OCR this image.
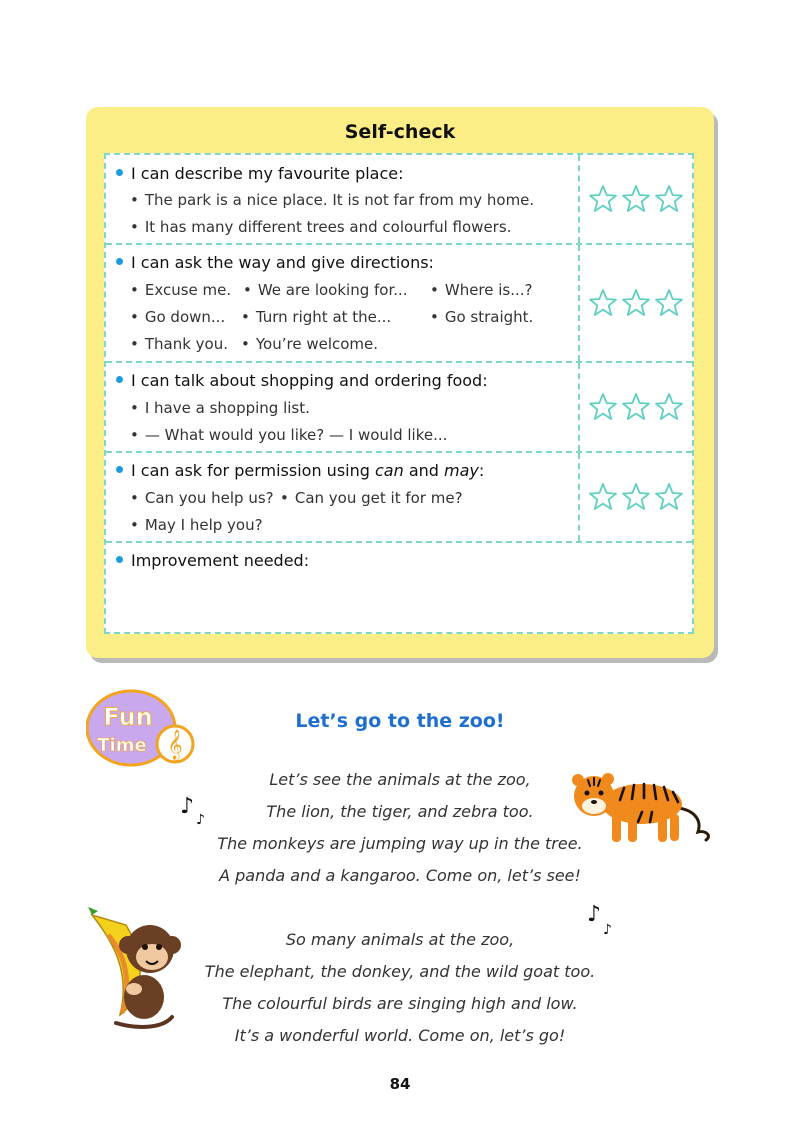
Self-check
I can describe my favourite place:
• The park is a nice place. It is not far from my home.
• It has many different trees and colourful flowers.
I can ask the way and give directions:
• Excuse me.	• We are looking for...	• Where is...?
• Go down...	• Turn right at the...	• Go straight.
• Thank you.	• You’re welcome.
I can talk about shopping and ordering food:
• I have a shopping list.
• — What would you like? — I would like...
I can ask for permission using can and may:
• Can you help us?	• Can you get it for me?
• May I help you?
Improvement needed:
𝄞
Fun
Time
Let’s go to the zoo!
Let’s see the animals at the zoo,
The lion, the tiger, and zebra too.
The monkeys are jumping way up in the tree.
A panda and a kangaroo. Come on, let’s see!
So many animals at the zoo,
The elephant, the donkey, and the wild goat too.
The colourful birds are singing high and low.
It’s a wonderful world. Come on, let’s go!
♪
♪
♪
♪
84
